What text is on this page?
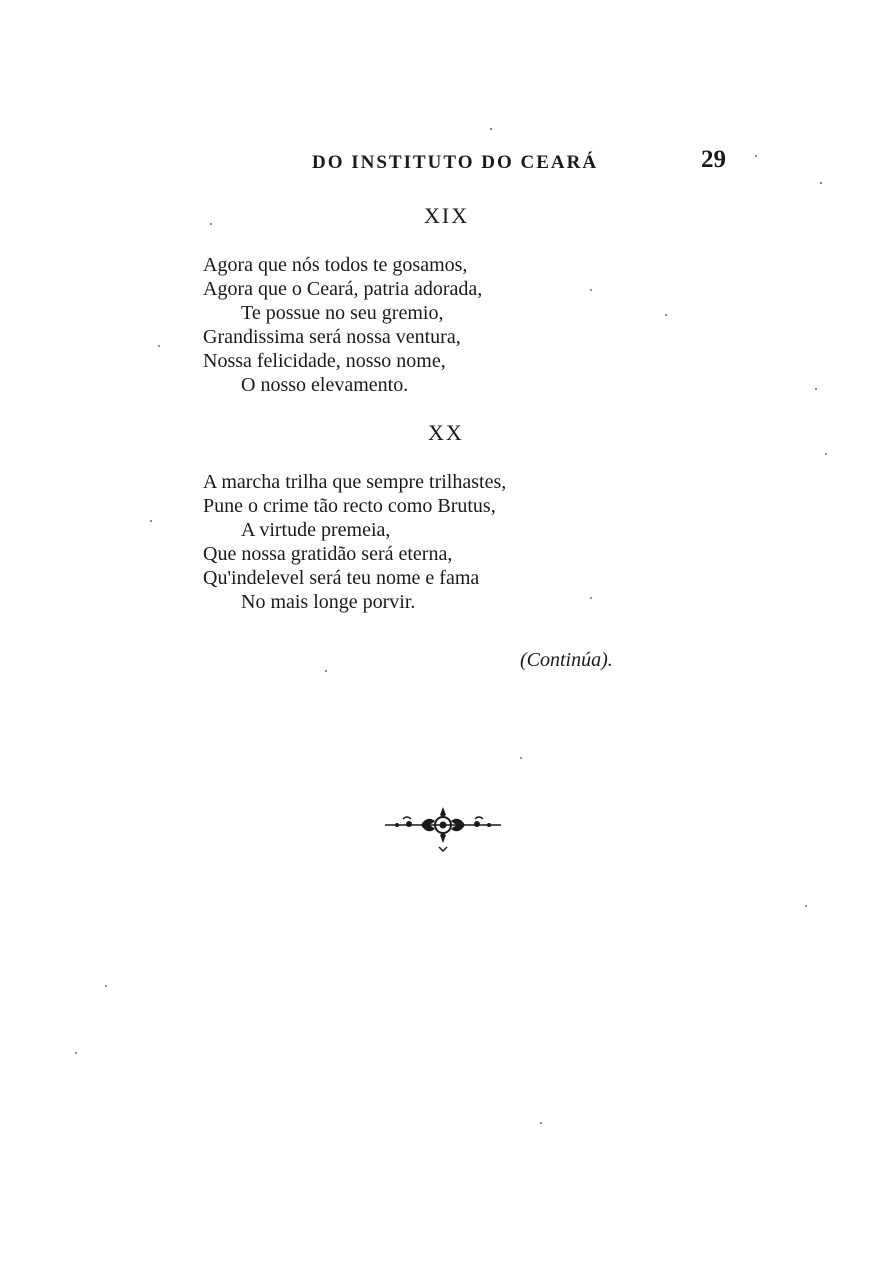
DO INSTITUTO DO CEARÁ	29
XIX
Agora que nós todos te gosamos,
Agora que o Ceará, patria adorada,
Te possue no seu gremio,
Grandissima será nossa ventura,
Nossa felicidade, nosso nome,
O nosso elevamento.
XX
A marcha trilha que sempre trilhastes,
Pune o crime tão recto como Brutus,
A virtude premeia,
Que nossa gratidão será eterna,
Qu'indelevel será teu nome e fama
No mais longe porvir.
(Continúa).
